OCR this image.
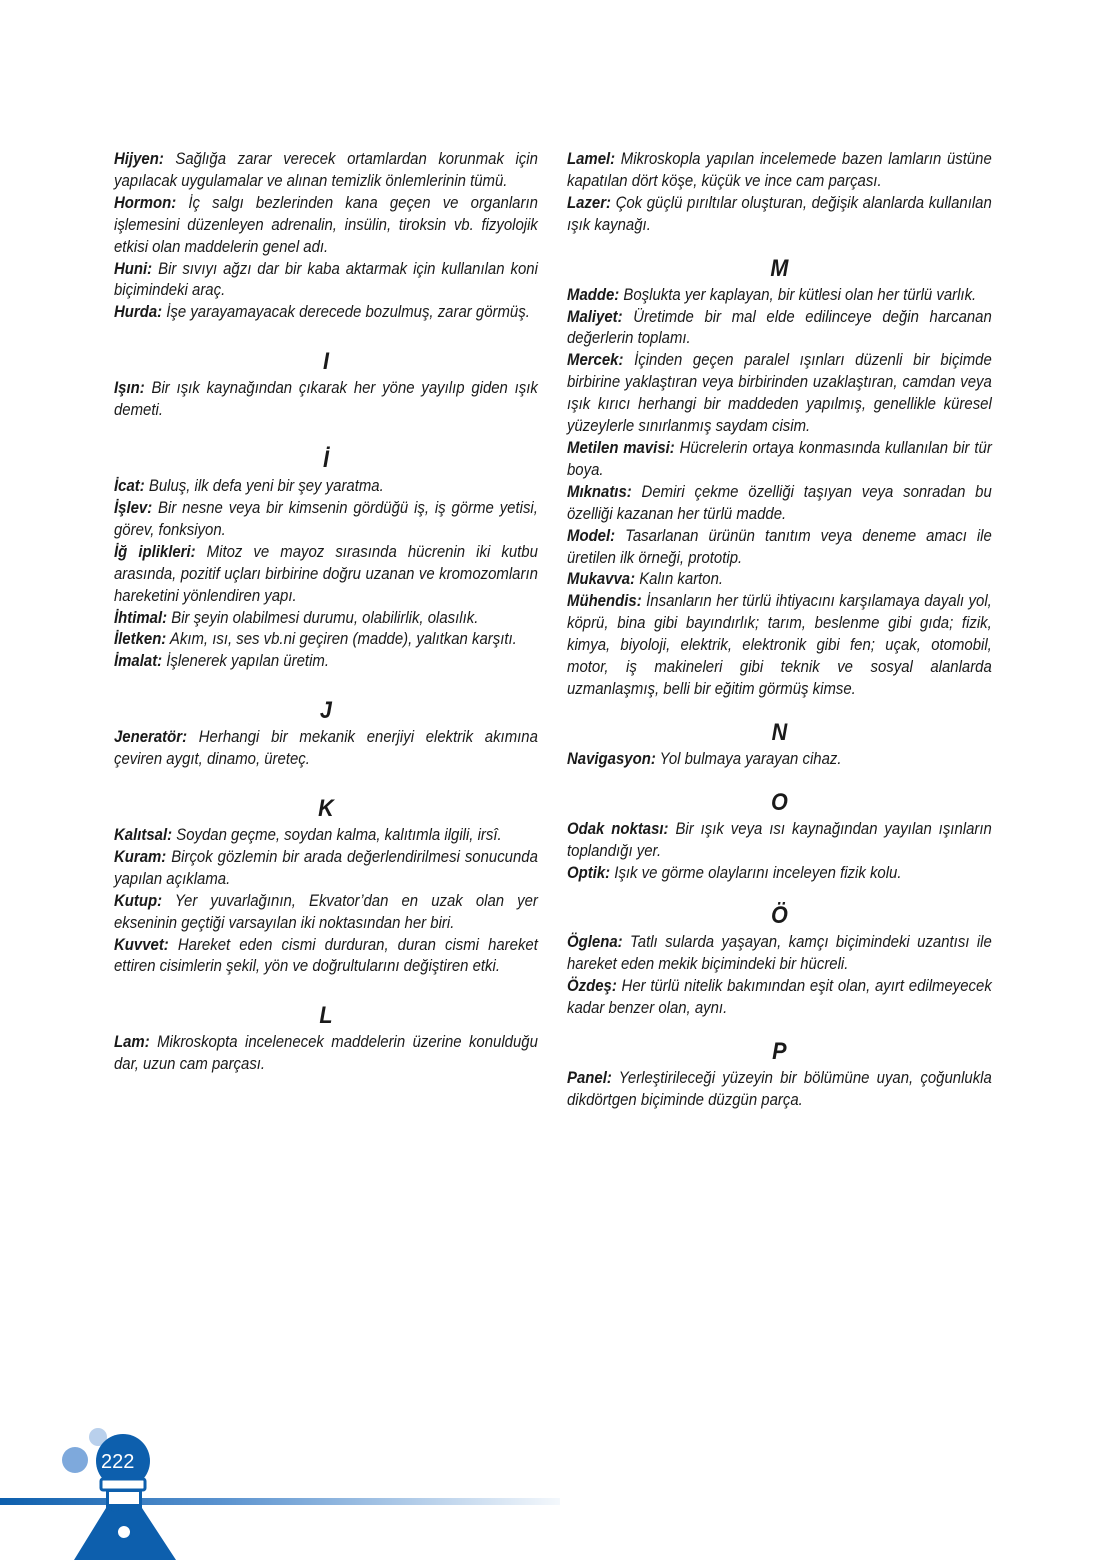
Hijyen: Sağlığa zarar verecek ortamlardan korunmak için yapılacak uygulamalar ve alınan temizlik önlemlerinin tümü.

Hormon: İç salgı bezlerinden kana geçen ve organların işlemesini düzenleyen adrenalin, insülin, tiroksin vb. fizyolojik etkisi olan maddelerin genel adı.

Huni: Bir sıvıyı ağzı dar bir kaba aktarmak için kullanılan koni biçimindeki araç.

Hurda: İşe yarayamayacak derecede bozulmuş, zarar görmüş.

I

Işın: Bir ışık kaynağından çıkarak her yöne yayılıp giden ışık demeti.

İ

İcat: Buluş, ilk defa yeni bir şey yaratma.

İşlev: Bir nesne veya bir kimsenin gördüğü iş, iş görme yetisi, görev, fonksiyon.

İğ iplikleri: Mitoz ve mayoz sırasında hücrenin iki kutbu arasında, pozitif uçları birbirine doğru uzanan ve kromozomların hareketini yönlendiren yapı.

İhtimal: Bir şeyin olabilmesi durumu, olabilirlik, olasılık.

İletken: Akım, ısı, ses vb.ni geçiren (madde), yalıtkan karşıtı.

İmalat: İşlenerek yapılan üretim.

J

Jeneratör: Herhangi bir mekanik enerjiyi elektrik akımına çeviren aygıt, dinamo, üreteç.

K

Kalıtsal: Soydan geçme, soydan kalma, kalıtımla ilgili, irsî.

Kuram: Birçok gözlemin bir arada değerlendirilmesi sonucunda yapılan açıklama.

Kutup: Yer yuvarlağının, Ekvator’dan en uzak olan yer ekseninin geçtiği varsayılan iki noktasından her biri.

Kuvvet: Hareket eden cismi durduran, duran cismi hareket ettiren cisimlerin şekil, yön ve doğrultularını değiştiren etki.

L

Lam: Mikroskopta incelenecek maddelerin üzerine konulduğu dar, uzun cam parçası.

Lamel: Mikroskopla yapılan incelemede bazen lamların üstüne kapatılan dört köşe, küçük ve ince cam parçası.

Lazer: Çok güçlü pırıltılar oluşturan, değişik alanlarda kullanılan ışık kaynağı.

M

Madde: Boşlukta yer kaplayan, bir kütlesi olan her türlü varlık.

Maliyet: Üretimde bir mal elde edilinceye değin harcanan değerlerin toplamı.

Mercek: İçinden geçen paralel ışınları düzenli bir biçimde birbirine yaklaştıran veya birbirinden uzaklaştıran, camdan veya ışık kırıcı herhangi bir maddeden yapılmış, genellikle küresel yüzeylerle sınırlanmış saydam cisim.

Metilen mavisi: Hücrelerin ortaya konmasında kullanılan bir tür boya.

Mıknatıs: Demiri çekme özelliği taşıyan veya sonradan bu özelliği kazanan her türlü madde.

Model: Tasarlanan ürünün tanıtım veya deneme amacı ile üretilen ilk örneği, prototip.

Mukavva: Kalın karton.

Mühendis: İnsanların her türlü ihtiyacını karşılamaya dayalı yol, köprü, bina gibi bayındırlık; tarım, beslenme gibi gıda; fizik, kimya, biyoloji, elektrik, elektronik gibi fen; uçak, otomobil, motor, iş makineleri gibi teknik ve sosyal alanlarda uzmanlaşmış, belli bir eğitim görmüş kimse.

N

Navigasyon: Yol bulmaya yarayan cihaz.

O

Odak noktası: Bir ışık veya ısı kaynağından yayılan ışınların toplandığı yer.

Optik: Işık ve görme olaylarını inceleyen fizik kolu.

Ö

Öglena: Tatlı sularda yaşayan, kamçı biçimindeki uzantısı ile hareket eden mekik biçimindeki bir hücreli.

Özdeş: Her türlü nitelik bakımından eşit olan, ayırt edilmeyecek kadar benzer olan, aynı.

P

Panel: Yerleştirileceği yüzeyin bir bölümüne uyan, çoğunlukla dikdörtgen biçiminde düzgün parça.

222
